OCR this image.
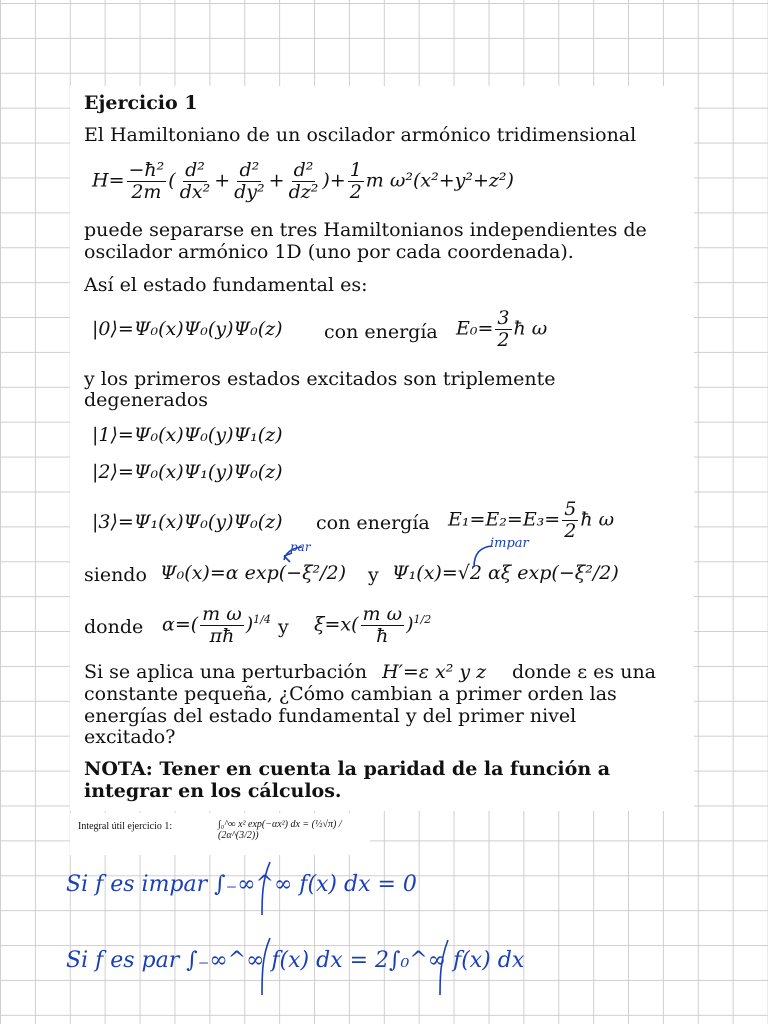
Ejercicio 1
El Hamiltoniano de un oscilador armónico tridimensional
$H= \frac{\text{−ħ²}}{2m}$ ( $\frac{\text{d²}}{\text{dx²}} + \frac{\text{d²}}{\text{dy²}} + \frac{\text{d²}}{\text{dz²}}$ )+ $\frac{1}{2}$ m ω²(x²+y²+z²)
puede separarse en tres Hamiltonianos independientes de
oscilador armónico 1D (uno por cada coordenada).
Así el estado fundamental es:
|0⟩=Ψ₀(x)Ψ₀(y)Ψ₀(z) con energía $E_0= \frac{3}{2}$ ħ ω
y los primeros estados excitados son triplemente
degenerados
|1⟩=Ψ₀(x)Ψ₀(y)Ψ₁(z)
|2⟩=Ψ₀(x)Ψ₁(y)Ψ₀(z)
|3⟩=Ψ₁(x)Ψ₀(y)Ψ₀(z) con energía $E_1=E_2=E_3= \frac{5}{2}$ ħ ω
siendo Ψ₀(x)=α exp(−ξ²/2) y Ψ₁(x)=√2 αξ exp(−ξ²/2)
donde $\alpha=( \frac{\text{m ω}}{\pi ħ} )^{1/4}$ y $\xi=x( \frac{\text{m ω}}{ħ} )^{1/2}$
Si se aplica una perturbación H′=ε x² y z donde ε es una
constante pequeña, ¿Cómo cambian a primer orden las
energías del estado fundamental y del primer nivel
excitado?
NOTA: Tener en cuenta la paridad de la función a
integrar en los cálculos.
Integral útil ejercicio 1:	∫₀^∞ x² exp(−αx²) dx = (½√π) / (2α^(3/2))
par	impar
Si f es impar ∫₋∞^∞ f(x) dx = 0
Si f es par ∫₋∞^∞ f(x) dx = 2∫₀^∞ f(x) dx
